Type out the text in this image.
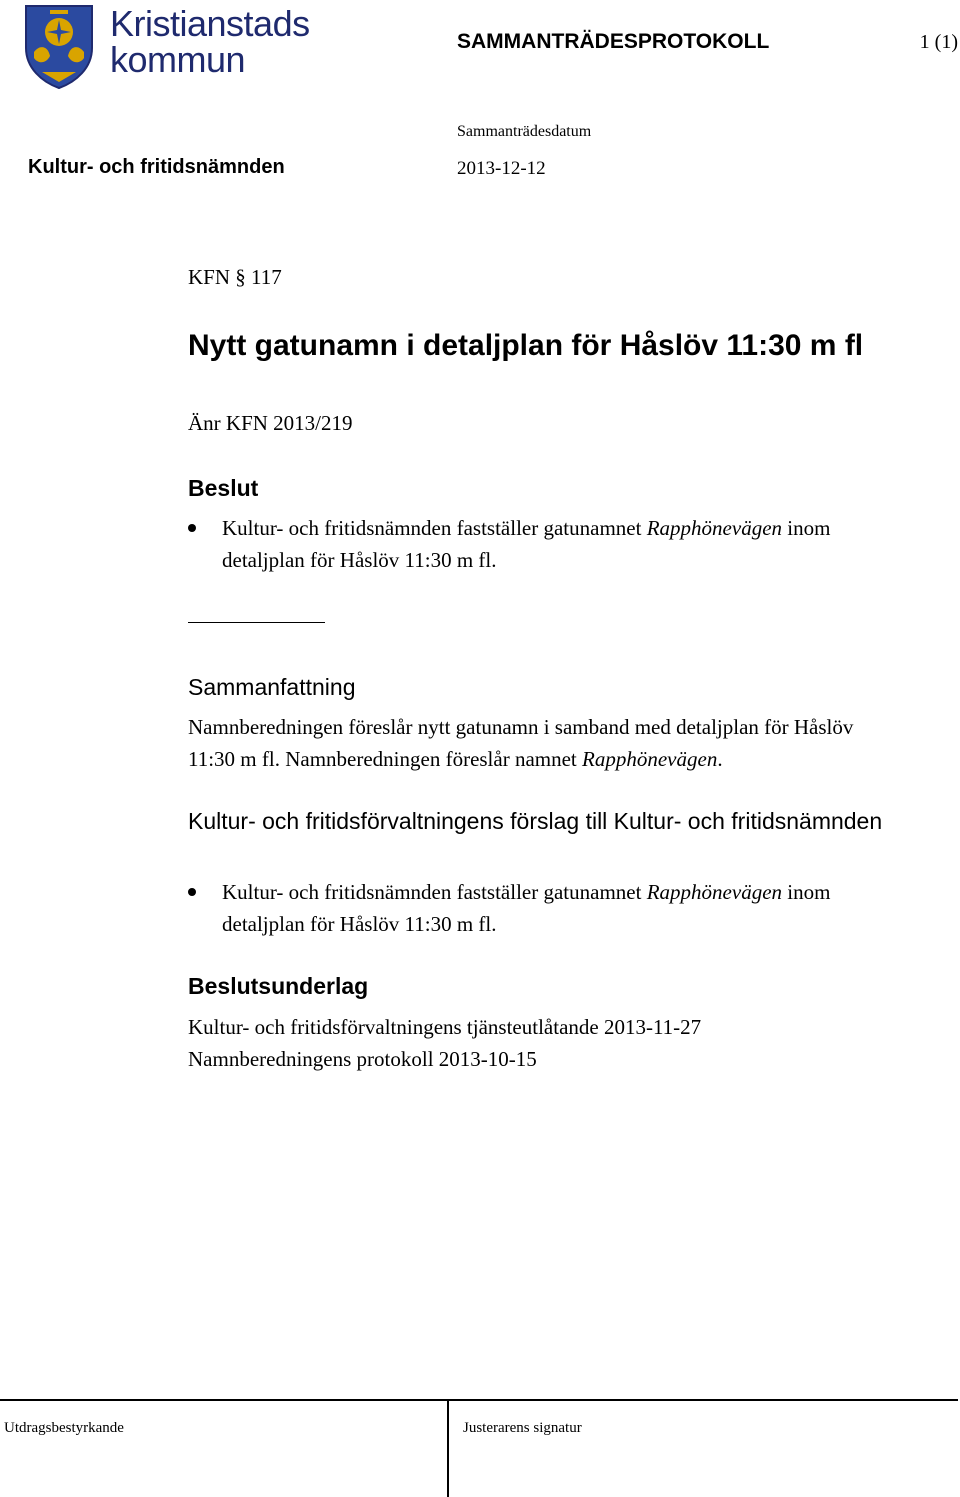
Kristianstads
kommun	SAMMANTRÄDESPROTOKOLL	1 (1)
Sammanträdesdatum
2013-12-12
Kultur- och fritidsnämnden
KFN § 117
Nytt gatunamn i detaljplan för Håslöv 11:30 m fl
Änr KFN 2013/219
Beslut
Kultur- och fritidsnämnden fastställer gatunamnet Rapphönevägen inom detaljplan för Håslöv 11:30 m fl.
Sammanfattning
Namnberedningen föreslår nytt gatunamn i samband med detaljplan för Håslöv 11:30 m fl. Namnberedningen föreslår namnet Rapphönevägen.
Kultur- och fritidsförvaltningens förslag till Kultur- och fritidsnämnden
Kultur- och fritidsnämnden fastställer gatunamnet Rapphönevägen inom detaljplan för Håslöv 11:30 m fl.
Beslutsunderlag
Kultur- och fritidsförvaltningens tjänsteutlåtande 2013-11-27
Namnberedningens protokoll 2013-10-15
Utdragsbestyrkande	Justerarens signatur
